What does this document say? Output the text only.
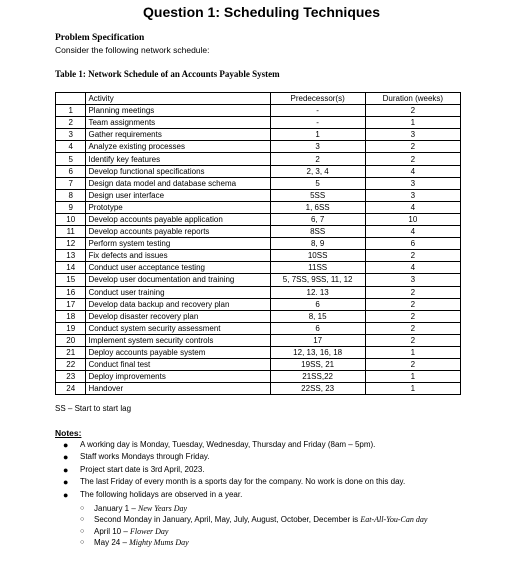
Question 1: Scheduling Techniques
Problem Specification
Consider the following network schedule:
Table 1: Network Schedule of an Accounts Payable System
	Activity	Predecessor(s)	Duration (weeks)
1	Planning meetings	-	2
2	Team assignments	-	1
3	Gather requirements	1	3
4	Analyze existing processes	3	2
5	Identify key features	2	2
6	Develop functional specifications	2, 3, 4	4
7	Design data model and database schema	5	3
8	Design user interface	5SS	3
9	Prototype	1, 6SS	4
10	Develop accounts payable application	6, 7	10
11	Develop accounts payable reports	8SS	4
12	Perform system testing	8, 9	6
13	Fix defects and issues	10SS	2
14	Conduct user acceptance testing	11SS	4
15	Develop user documentation and training	5, 7SS, 9SS, 11, 12	3
16	Conduct user training	12. 13	2
17	Develop data backup and recovery plan	6	2
18	Develop disaster recovery plan	8, 15	2
19	Conduct system security assessment	6	2
20	Implement system security controls	17	2
21	Deploy accounts payable system	12, 13, 16, 18	1
22	Conduct final test	19SS, 21	2
23	Deploy improvements	21SS,22	1
24	Handover	22SS, 23	1
SS – Start to start lag
Notes:
● A working day is Monday, Tuesday, Wednesday, Thursday and Friday (8am – 5pm).
● Staff works Mondays through Friday.
● Project start date is 3rd April, 2023.
● The last Friday of every month is a sports day for the company. No work is done on this day.
● The following holidays are observed in a year.
○ January 1 – New Years Day
○ Second Monday in January, April, May, July, August, October, December is Eat-All-You-Can day
○ April 10 – Flower Day
○ May 24 – Mighty Mums Day
